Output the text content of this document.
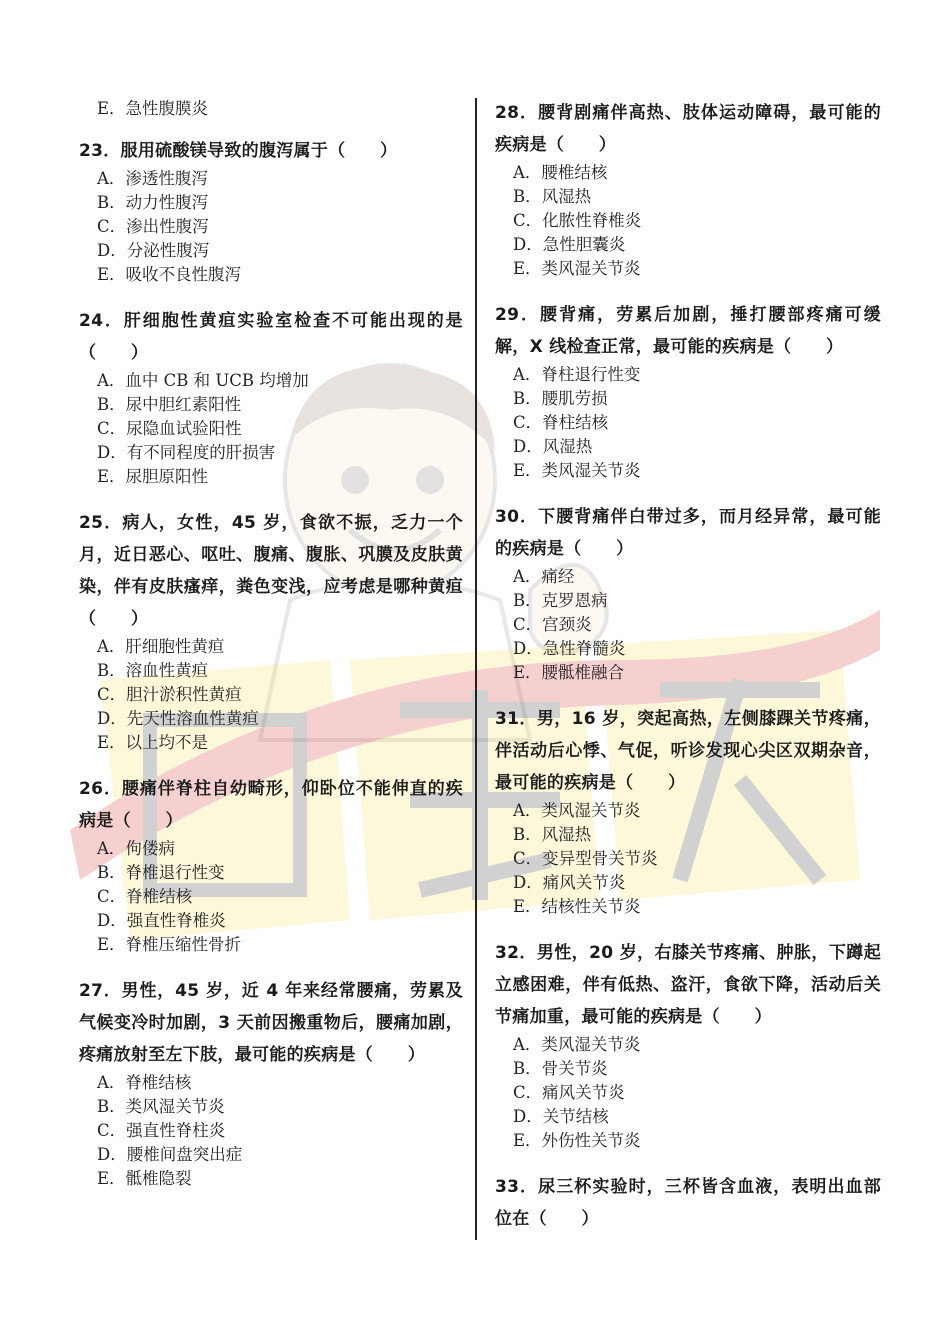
E．急性腹膜炎

23．服用硫酸镁导致的腹泻属于（　　）

A．渗透性腹泻
B．动力性腹泻
C．渗出性腹泻
D．分泌性腹泻
E．吸收不良性腹泻

24．肝细胞性黄疸实验室检查不可能出现的是（　　）

A．血中 CB 和 UCB 均增加
B．尿中胆红素阳性
C．尿隐血试验阳性
D．有不同程度的肝损害
E．尿胆原阳性

25．病人，女性，45 岁，食欲不振，乏力一个月，近日恶心、呕吐、腹痛、腹胀、巩膜及皮肤黄染，伴有皮肤瘙痒，粪色变浅，应考虑是哪种黄疸（　　）

A．肝细胞性黄疸
B．溶血性黄疸
C．胆汁淤积性黄疸
D．先天性溶血性黄疸
E．以上均不是

26．腰痛伴脊柱自幼畸形，仰卧位不能伸直的疾病是（　　）

A．佝偻病
B．脊椎退行性变
C．脊椎结核
D．强直性脊椎炎
E．脊椎压缩性骨折

27．男性，45 岁，近 4 年来经常腰痛，劳累及气候变冷时加剧，3 天前因搬重物后，腰痛加剧，疼痛放射至左下肢，最可能的疾病是（　　）

A．脊椎结核
B．类风湿关节炎
C．强直性脊柱炎
D．腰椎间盘突出症
E．骶椎隐裂

28．腰背剧痛伴高热、肢体运动障碍，最可能的疾病是（　　）

A．腰椎结核
B．风湿热
C．化脓性脊椎炎
D．急性胆囊炎
E．类风湿关节炎

29．腰背痛，劳累后加剧，捶打腰部疼痛可缓解，X 线检查正常，最可能的疾病是（　　）

A．脊柱退行性变
B．腰肌劳损
C．脊柱结核
D．风湿热
E．类风湿关节炎

30．下腰背痛伴白带过多，而月经异常，最可能的疾病是（　　）

A．痛经
B．克罗恩病
C．宫颈炎
D．急性脊髓炎
E．腰骶椎融合

31．男，16 岁，突起高热，左侧膝踝关节疼痛，伴活动后心悸、气促，听诊发现心尖区双期杂音，最可能的疾病是（　　）

A．类风湿关节炎
B．风湿热
C．变异型骨关节炎
D．痛风关节炎
E．结核性关节炎

32．男性，20 岁，右膝关节疼痛、肿胀，下蹲起立感困难，伴有低热、盗汗，食欲下降，活动后关节痛加重，最可能的疾病是（　　）

A．类风湿关节炎
B．骨关节炎
C．痛风关节炎
D．关节结核
E．外伤性关节炎

33．尿三杯实验时，三杯皆含血液，表明出血部位在（　　）
